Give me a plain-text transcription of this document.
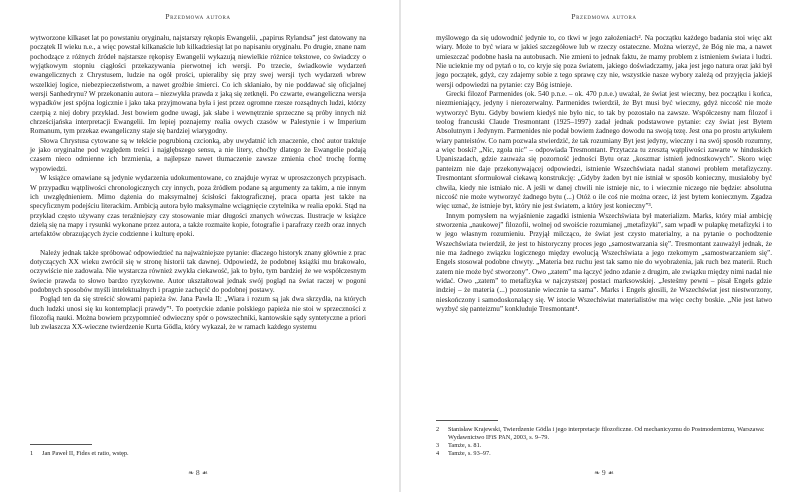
Przedmowa autora

wytworzone kilkaset lat po powstaniu oryginału, najstarszy rękopis Ewangelii, „papirus Rylandsa” jest datowany na początek II wieku n.e., a więc powstał kilkanaście lub kilkadziesiąt lat po napisaniu oryginału. Po drugie, znane nam pochodzące z różnych źródeł najstarsze rękopisy Ewangelii wykazują niewielkie różnice tekstowe, co świadczy o wyjątkowym stopniu ciągłości przekazywania pierwotnej ich wersji. Po trzecie, świadkowie wydarzeń ewangelicznych z Chrystusem, ludzie na ogół prości, upieraliby się przy swej wersji tych wydarzeń wbrew wszelkiej logice, niebezpieczeństwom, a nawet groźbie śmierci. Co ich skłaniało, by nie poddawać się oficjalnej wersji Sanhedrynu? W przekonaniu autora – niezwykła prawda z jaką się zetknęli. Po czwarte, ewangeliczna wersja wypadków jest spójna logicznie i jako taka przyjmowana była i jest przez ogromne rzesze rozsądnych ludzi, którzy czerpią z niej dobry przykład. Jest bowiem godne uwagi, jak słabe i wewnętrznie sprzeczne są próby innych niż chrześcijańska interpretacji Ewangelii. Im lepiej poznajemy realia owych czasów w Palestynie i w Imperium Romanum, tym przekaz ewangeliczny staje się bardziej wiarygodny.

Słowa Chrystusa cytowane są w tekście pogrubioną czcionką, aby uwydatnić ich znaczenie, choć autor traktuje je jako oryginalne pod względem treści i najgłębszego sensu, a nie litery, choćby dlatego że Ewangelie podają czasem nieco odmienne ich brzmienia, a najlepsze nawet tłumaczenie zawsze zmienia choć trochę formę wypowiedzi.

W książce omawiane są jedynie wydarzenia udokumentowane, co znajduje wyraz w uproszczonych przypisach. W przypadku wątpliwości chronologicznych czy innych, poza źródłem podane są argumenty za takim, a nie innym ich uwzględnieniem. Mimo dążenia do maksymalnej ścisłości faktograficznej, praca oparta jest także na specyficznym podejściu literackim. Ambicją autora było maksymalne wciągnięcie czytelnika w realia epoki. Stąd na przykład często używany czas teraźniejszy czy stosowanie miar długości znanych wówczas. Ilustracje w książce dzielą się na mapy i rysunki wykonane przez autora, a także rozmaite kopie, fotografie i parafrazy rzeźb oraz innych artefaktów obrazujących życie codzienne i kulturę epoki.

Należy jednak także spróbować odpowiedzieć na najważniejsze pytanie: dlaczego historyk znany głównie z prac dotyczących XX wieku zwrócił się w stronę historii tak dawnej. Odpowiedź, że podobnej książki mu brakowało, oczywiście nie zadowala. Nie wystarcza również zwykła ciekawość, jak to było, tym bardziej że we współczesnym świecie prawda to słowo bardzo ryzykowne. Autor ukształtował jednak swój pogląd na świat raczej w pogoni podobnych sposobów myśli intelektualnych i pragnie zachęcić do podobnej postawy.

Pogląd ten da się streścić słowami papieża św. Jana Pawła II: „Wiara i rozum są jak dwa skrzydła, na których duch ludzki unosi się ku kontemplacji prawdy”¹. To poetyckie zdanie polskiego papieża nie stoi w sprzeczności z filozofią nauki. Można bowiem przypomnieć odwieczny spór o powszechniki, kantowskie sądy syntetyczne a priori lub zwłaszcza XX-wieczne twierdzenie Kurta Gödla, który wykazał, że w ramach każdego systemu

1	Jan Paweł II, Fides et ratio, wstęp.
❧ 8 ☙
Przedmowa autora

myślowego da się udowodnić jedynie to, co tkwi w jego założeniach². Na początku każdego badania stoi więc akt wiary. Może to być wiara w jakieś szczegółowe lub w rzeczy ostateczne. Można wierzyć, że Bóg nie ma, a nawet umieszczać podobne hasła na autobusach. Nie zmieni to jednak faktu, że mamy problem z istnieniem świata i ludzi. Nie ucieknie my od pytań o to, co kryje się poza światem, jakiego doświadczamy, jaka jest jego natura oraz jaki był jego początek, gdyż, czy zdajemy sobie z tego sprawę czy nie, wszystkie nasze wybory zależą od przyjęcia jakiejś wersji odpowiedzi na pytanie: czy Bóg istnieje.

Grecki filozof Parmenides (ok. 540 p.n.e. – ok. 470 p.n.e.) uważał, że świat jest wieczny, bez początku i końca, niezmieniający, jedyny i nierozerwalny. Parmenides twierdził, że Byt musi być wieczny, gdyż niccość nie może wytworzyć Bytu. Gdyby bowiem kiedyś nie było nic, to tak by pozostało na zawsze. Współczesny nam filozof i teolog francuski Claude Tresmontant (1925–1997) zadał jednak podstawowe pytanie: czy świat jest Bytem Absolutnym i Jedynym. Parmenides nie podał bowiem żadnego dowodu na swoją tezę. Jest ona po prostu artykułem wiary panteistów. Co nam pozwala stwierdzić, że tak rozumiany Byt jest jedyny, wieczny i na swój sposób rozumny, a więc boski? „Nic, zgoła nic” – odpowiada Tresmontant. Przytacza tu zresztą wątpliwości zawarte w hinduskich Upaniszadach, gdzie zauważa się pozorność jedności Bytu oraz „koszmar istnień jednostkowych”. Skoro więc panteizm nie daje przekonywającej odpowiedzi, istnienie Wszechświata nadal stanowi problem metafizyczny. Tresmontant sformułował ciekawą konstrukcję: „Gdyby żaden byt nie istniał w sposób konieczny, musiałoby być chwila, kiedy nie istniało nic. A jeśli w danej chwili nie istnieje nic, to i wiecznie niczego nie będzie: absolutna niccość nie może wytworzyć żadnego bytu (...) Otóż o ile coś nie można orzec, iż jest bytem koniecznym. Zgadza więc uznać, że istnieje byt, który nie jest światem, a który jest konieczny”³.

Innym pomysłem na wyjaśnienie zagadki istnienia Wszechświata był materializm. Marks, który miał ambicję stworzenia „naukowej” filozofii, wolnej od swoiście rozumianej „metafizyki”, sam wpadł w pułapkę metafizyki i to w jego własnym rozumieniu. Przyjął milcząco, że świat jest czysto materialny, a na pytanie o pochodzenie Wszechświata twierdził, że jest to historyczny proces jego „samostwarzania się”. Tresmontant zauważył jednak, że nie ma żadnego związku logicznego między ewolucją Wszechświata a jego rzekomym „samostwarzaniem się”. Engels stosował podobne chwyty. „Materia bez ruchu jest tak samo nie do wyobrażenia, jak ruch bez materii. Ruch zatem nie może być stworzony”. Owo „zatem” ma łączyć jedno zdanie z drugim, ale związku między nimi nadal nie widać. Owo „zatem” to metafizyka w najczystszej postaci marksowskiej. „Jesteśmy pewni – pisał Engels gdzie indziej – że materia (...) pozostanie wiecznie ta sama”. Marks i Engels głosili, że Wszechświat jest niestworzony, nieskończony i samodoskonalący się. W istocie Wszechświat materialistów ma więc cechy boskie. „Nie jest łatwo wyzbyć się panteizmu” konkluduje Tresmontant⁴.

2	Stanisław Krajewski, Twierdzenie Gödla i jego interpretacje filozoficzne. Od mechanicyzmu do Postmodernizmu, Warszawa: Wydawnictwo IFiS PAN, 2003, s. 9–79.
3	Tamże, s. 81.
4	Tamże, s. 93–97.
❧ 9 ☙
